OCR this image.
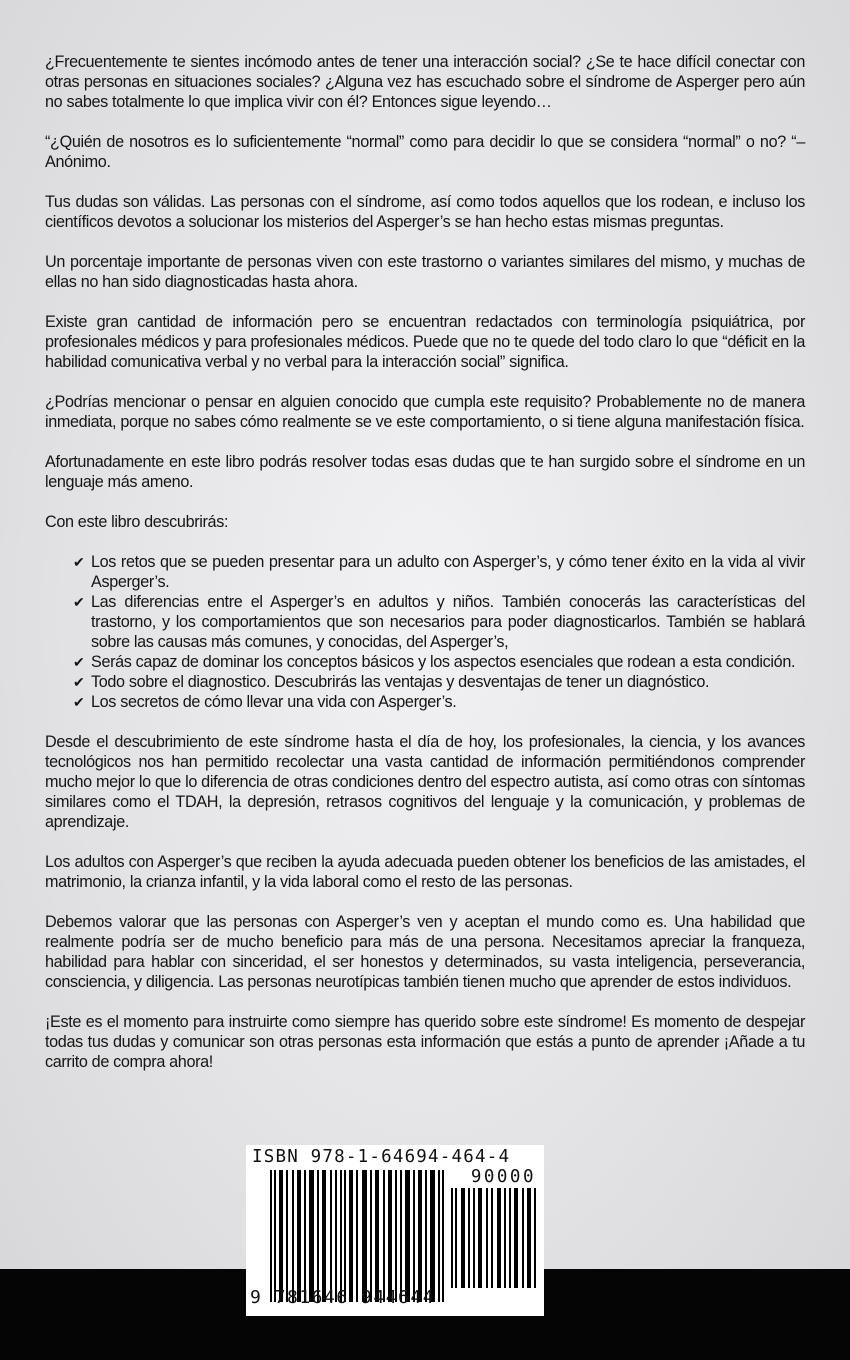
¿Frecuentemente te sientes incómodo antes de tener una interacción social? ¿Se te hace difícil conectar con otras personas en situaciones sociales? ¿Alguna vez has escuchado sobre el síndrome de Asperger pero aún no sabes totalmente lo que implica vivir con él? Entonces sigue leyendo…

“¿Quién de nosotros es lo suficientemente “normal” como para decidir lo que se considera “normal” o no? “– Anónimo.

Tus dudas son válidas. Las personas con el síndrome, así como todos aquellos que los rodean, e incluso los científicos devotos a solucionar los misterios del Asperger’s se han hecho estas mismas preguntas.

Un porcentaje importante de personas viven con este trastorno o variantes similares del mismo, y muchas de ellas no han sido diagnosticadas hasta ahora.

Existe gran cantidad de información pero se encuentran redactados con terminología psiquiátrica, por profesionales médicos y para profesionales médicos. Puede que no te quede del todo claro lo que “déficit en la habilidad comunicativa verbal y no verbal para la interacción social” significa.

¿Podrías mencionar o pensar en alguien conocido que cumpla este requisito? Probablemente no de manera inmediata, porque no sabes cómo realmente se ve este comportamiento, o si tiene alguna manifestación física.

Afortunadamente en este libro podrás resolver todas esas dudas que te han surgido sobre el síndrome en un lenguaje más ameno.

Con este libro descubrirás:

✔ Los retos que se pueden presentar para un adulto con Asperger’s, y cómo tener éxito en la vida al vivir Asperger’s.
✔ Las diferencias entre el Asperger’s en adultos y niños. También conocerás las características del trastorno, y los comportamientos que son necesarios para poder diagnosticarlos. También se hablará sobre las causas más comunes, y conocidas, del Asperger’s,
✔ Serás capaz de dominar los conceptos básicos y los aspectos esenciales que rodean a esta condición.
✔ Todo sobre el diagnostico. Descubrirás las ventajas y desventajas de tener un diagnóstico.
✔ Los secretos de cómo llevar una vida con Asperger’s.

Desde el descubrimiento de este síndrome hasta el día de hoy, los profesionales, la ciencia, y los avances tecnológicos nos han permitido recolectar una vasta cantidad de información permitiéndonos comprender mucho mejor lo que lo diferencia de otras condiciones dentro del espectro autista, así como otras con síntomas similares como el TDAH, la depresión, retrasos cognitivos del lenguaje y la comunicación, y problemas de aprendizaje.

Los adultos con Asperger’s que reciben la ayuda adecuada pueden obtener los beneficios de las amistades, el matrimonio, la crianza infantil, y la vida laboral como el resto de las personas.

Debemos valorar que las personas con Asperger’s ven y aceptan el mundo como es. Una habilidad que realmente podría ser de mucho beneficio para más de una persona. Necesitamos apreciar la franqueza, habilidad para hablar con sinceridad, el ser honestos y determinados, su vasta inteligencia, perseverancia, consciencia, y diligencia. Las personas neurotípicas también tienen mucho que aprender de estos individuos.

¡Este es el momento para instruirte como siempre has querido sobre este síndrome! Es momento de despejar todas tus dudas y comunicar son otras personas esta información que estás a punto de aprender ¡Añade a tu carrito de compra ahora!

ISBN 978-1-64694-464-4
90000
9 781646 944644
